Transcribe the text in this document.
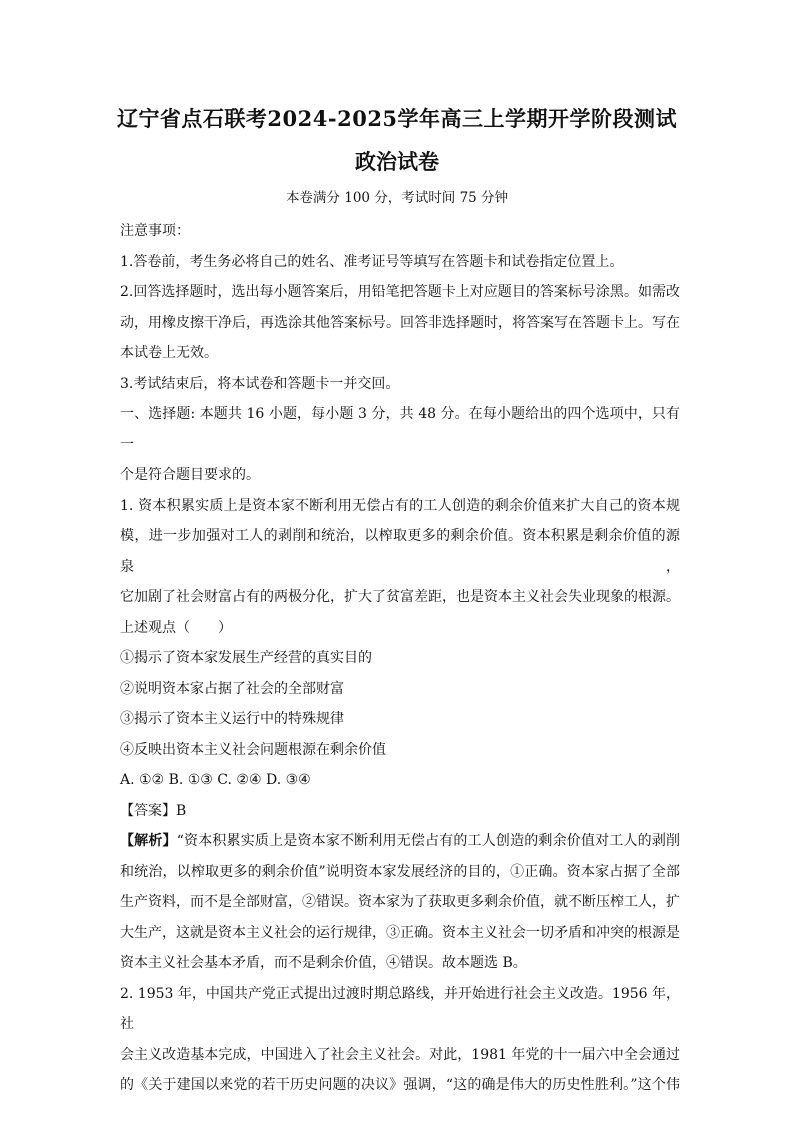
辽宁省点石联考2024-2025学年高三上学期开学阶段测试
政治试卷
本卷满分 100 分，考试时间 75 分钟

注意事项：

1.答卷前，考生务必将自己的姓名、准考证号等填写在答题卡和试卷指定位置上。

2.回答选择题时，选出每小题答案后，用铅笔把答题卡上对应题目的答案标号涂黑。如需改

动，用橡皮擦干净后，再选涂其他答案标号。回答非选择题时，将答案写在答题卡上。写在

本试卷上无效。

3.考试结束后，将本试卷和答题卡一并交回。

一、选择题: 本题共 16 小题，每小题 3 分，共 48 分。在每小题给出的四个选项中，只有一

个是符合题目要求的。

1. 资本积累实质上是资本家不断利用无偿占有的工人创造的剩余价值来扩大自己的资本规

模，进一步加强对工人的剥削和统治，以榨取更多的剩余价值。资本积累是剩余价值的源泉，

它加剧了社会财富占有的两极分化，扩大了贫富差距，也是资本主义社会失业现象的根源。

上述观点（　　）

①揭示了资本家发展生产经营的真实目的

②说明资本家占据了社会的全部财富

③揭示了资本主义运行中的特殊规律

④反映出资本主义社会问题根源在剩余价值

A. ①② B. ①③ C. ②④ D. ③④

【答案】B

【解析】“资本积累实质上是资本家不断利用无偿占有的工人创造的剩余价值对工人的剥削

和统治，以榨取更多的剩余价值”说明资本家发展经济的目的，①正确。资本家占据了全部

生产资料，而不是全部财富，②错误。资本家为了获取更多剩余价值，就不断压榨工人，扩

大生产，这就是资本主义社会的运行规律，③正确。资本主义社会一切矛盾和冲突的根源是

资本主义社会基本矛盾，而不是剩余价值，④错误。故本题选 B。

2. 1953 年，中国共产党正式提出过渡时期总路线，并开始进行社会主义改造。1956 年，社

会主义改造基本完成，中国进入了社会主义社会。对此，1981 年党的十一届六中全会通过

的《关于建国以来党的若干历史问题的决议》强调，“这的确是伟大的历史性胜利。”这个伟
